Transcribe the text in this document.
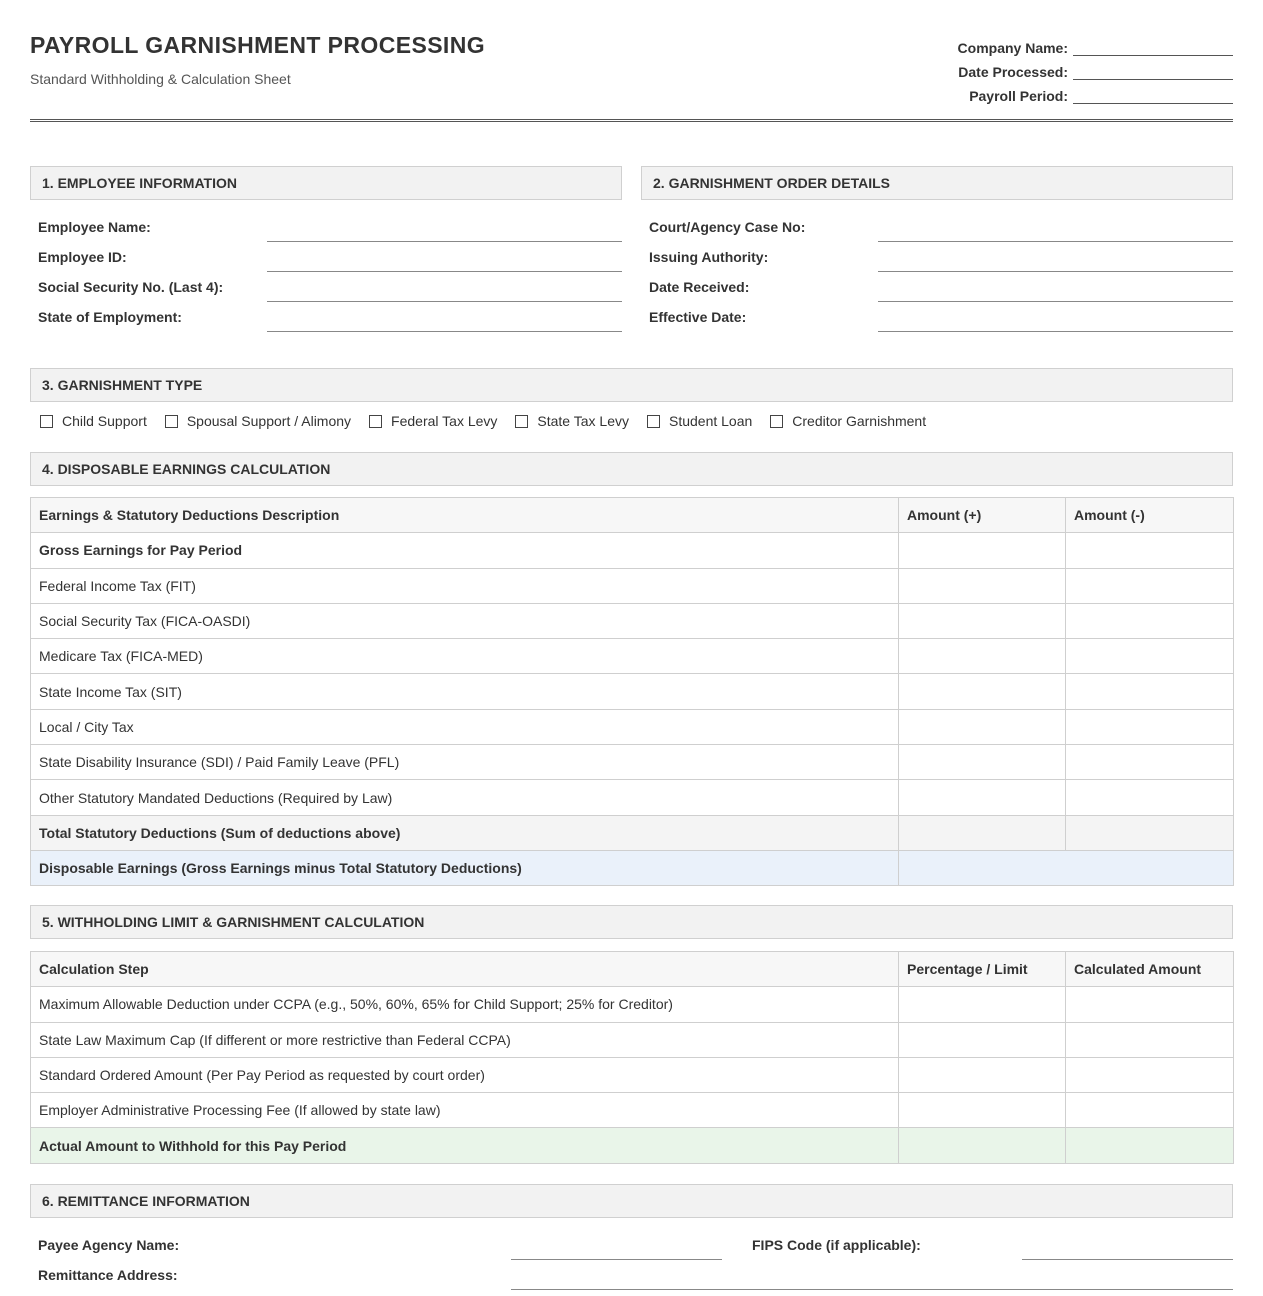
PAYROLL GARNISHMENT PROCESSING
Standard Withholding & Calculation Sheet
Company Name:
Date Processed:
Payroll Period:
1. EMPLOYEE INFORMATION
Employee Name:
Employee ID:
Social Security No. (Last 4):
State of Employment:
2. GARNISHMENT ORDER DETAILS
Court/Agency Case No:
Issuing Authority:
Date Received:
Effective Date:
3. GARNISHMENT TYPE
Child Support	Spousal Support / Alimony	Federal Tax Levy	State Tax Levy	Student Loan	Creditor Garnishment
4. DISPOSABLE EARNINGS CALCULATION
Earnings & Statutory Deductions Description	Amount (+)	Amount (-)
Gross Earnings for Pay Period		
Federal Income Tax (FIT)		
Social Security Tax (FICA-OASDI)		
Medicare Tax (FICA-MED)		
State Income Tax (SIT)		
Local / City Tax		
State Disability Insurance (SDI) / Paid Family Leave (PFL)		
Other Statutory Mandated Deductions (Required by Law)		
Total Statutory Deductions (Sum of deductions above)		
Disposable Earnings (Gross Earnings minus Total Statutory Deductions)		
5. WITHHOLDING LIMIT & GARNISHMENT CALCULATION
Calculation Step	Percentage / Limit	Calculated Amount
Maximum Allowable Deduction under CCPA (e.g., 50%, 60%, 65% for Child Support; 25% for Creditor)		
State Law Maximum Cap (If different or more restrictive than Federal CCPA)		
Standard Ordered Amount (Per Pay Period as requested by court order)		
Employer Administrative Processing Fee (If allowed by state law)		
Actual Amount to Withhold for this Pay Period		
6. REMITTANCE INFORMATION
Payee Agency Name:	FIPS Code (if applicable):
Remittance Address:
